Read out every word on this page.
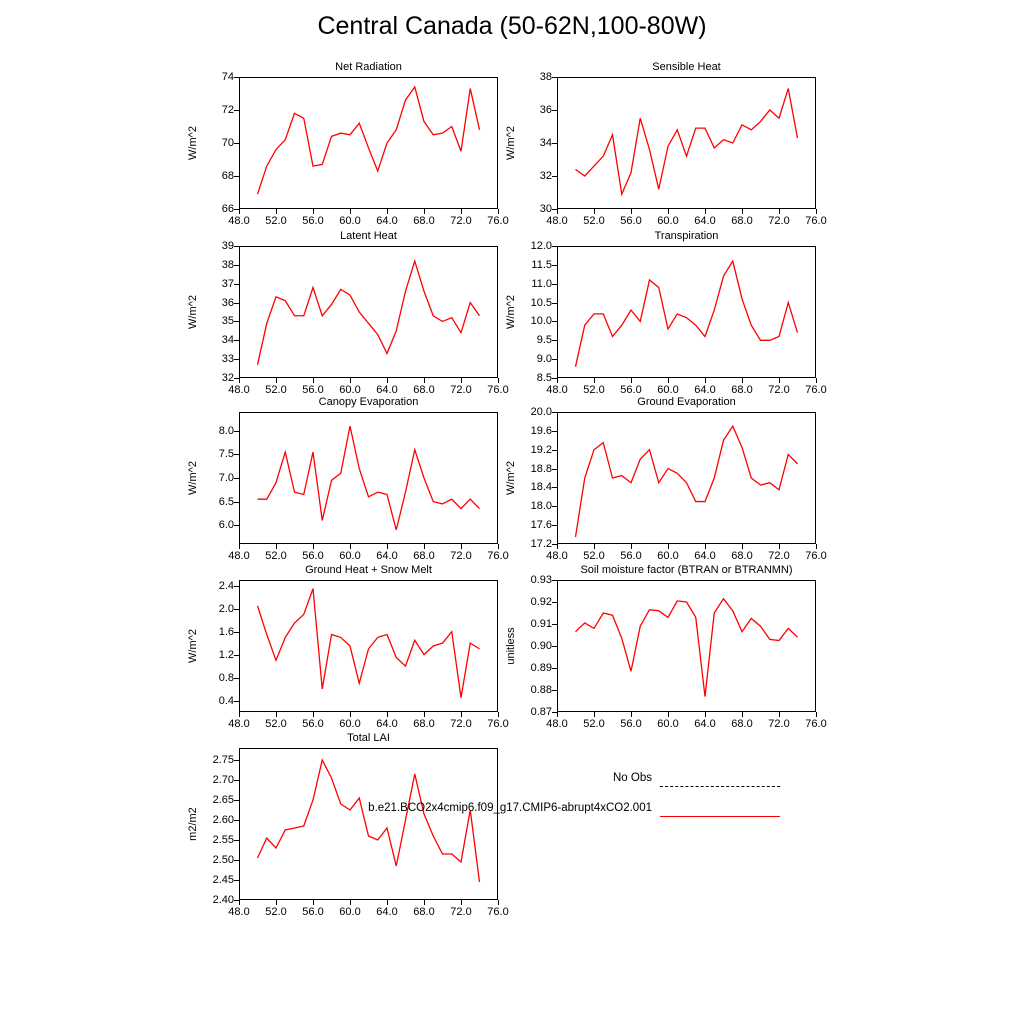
Central Canada (50-62N,100-80W)
Net Radiation
66
68
70
72
74
48.0 52.0 56.0 60.0 64.0 68.0 72.0 76.0
W/m^2
Sensible Heat
30
32
34
36
38
48.0 52.0 56.0 60.0 64.0 68.0 72.0 76.0
W/m^2
Latent Heat
32
33
34
35
36
37
38
39
48.0 52.0 56.0 60.0 64.0 68.0 72.0 76.0
W/m^2
Transpiration
8.5
9.0
9.5
10.0
10.5
11.0
11.5
12.0
48.0 52.0 56.0 60.0 64.0 68.0 72.0 76.0
W/m^2
Canopy Evaporation
6.0
6.5
7.0
7.5
8.0
48.0 52.0 56.0 60.0 64.0 68.0 72.0 76.0
W/m^2
Ground Evaporation
17.2
17.6
18.0
18.4
18.8
19.2
19.6
20.0
48.0 52.0 56.0 60.0 64.0 68.0 72.0 76.0
W/m^2
Ground Heat + Snow Melt
0.4
0.8
1.2
1.6
2.0
2.4
48.0 52.0 56.0 60.0 64.0 68.0 72.0 76.0
W/m^2
Soil moisture factor (BTRAN or BTRANMN)
0.87
0.88
0.89
0.90
0.91
0.92
0.93
48.0 52.0 56.0 60.0 64.0 68.0 72.0 76.0
unitless
Total LAI
2.40
2.45
2.50
2.55
2.60
2.65
2.70
2.75
48.0 52.0 56.0 60.0 64.0 68.0 72.0 76.0
m2/m2
No Obs
b.e21.BCO2x4cmip6.f09_g17.CMIP6-abrupt4xCO2.001
